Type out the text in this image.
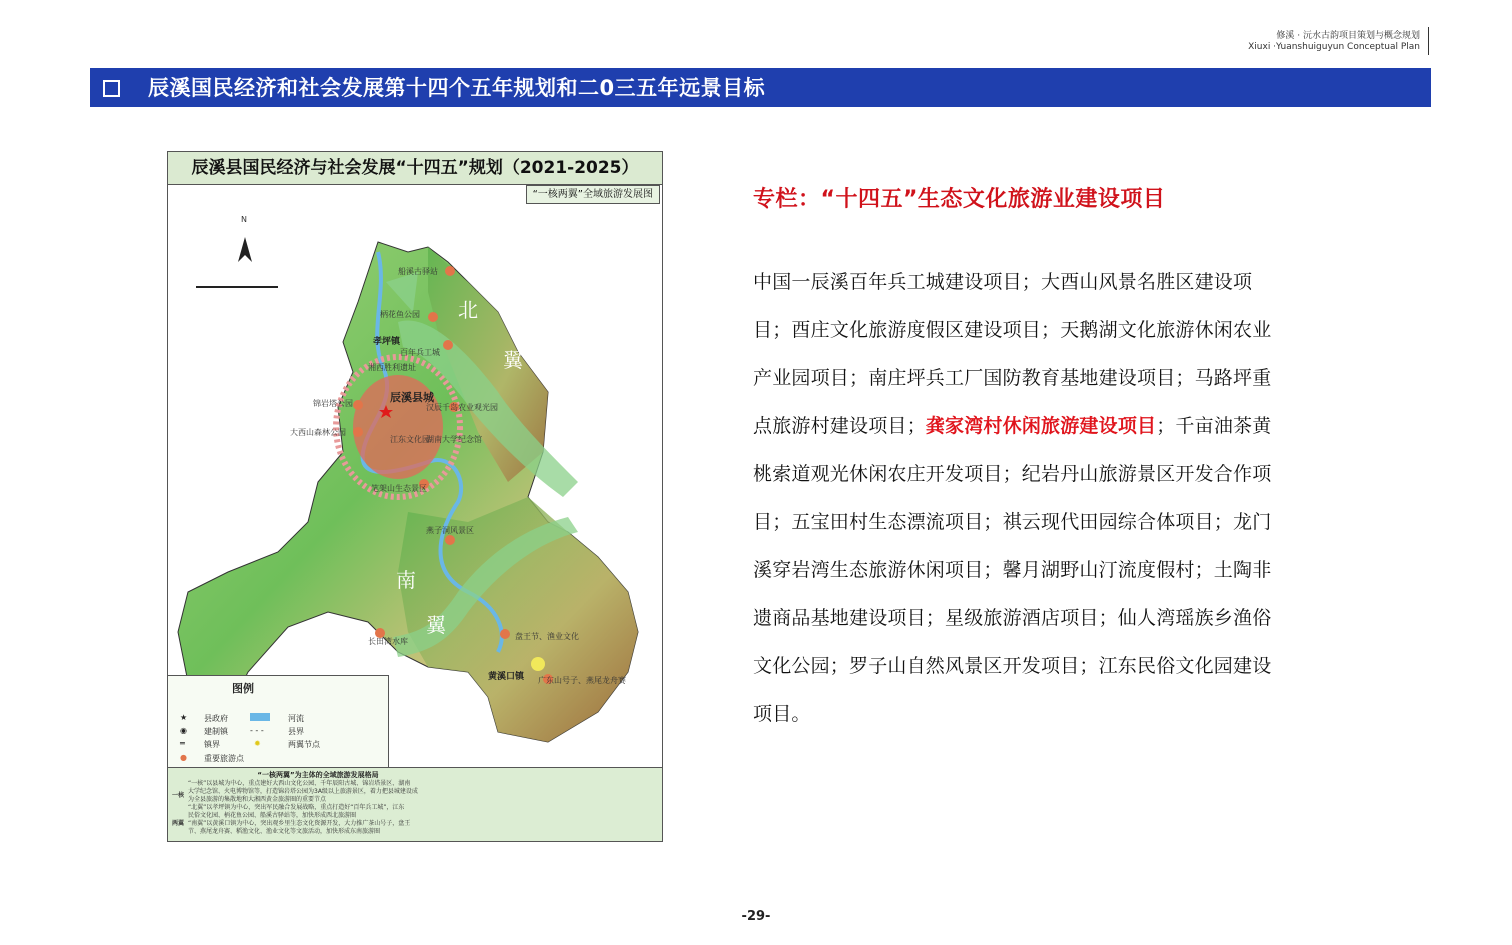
修溪 · 沅水古韵项目策划与概念规划
Xiuxi ·Yuanshuiguyun Conceptual Plan
辰溪国民经济和社会发展第十四个五年规划和二0三五年远景目标
N
北
翼
南
翼
辰溪县城
孝坪镇
黄溪口镇
船溪古驿站
柄花鱼公园
百年兵工城
湘西胜利遗址
锦岩塔公园
大西山森林公园
汉辰千岛农业观光园
江东文化园
湖南大学纪念馆
笔架山生态景区
燕子洞风景区
长田湾水库
盘王节、渔业文化
广东山号子、燕尾龙舟赛
辰溪县国民经济与社会发展“十四五”规划（2021-2025）
“一核两翼”全域旅游发展图
图例
★ 县政府
◉ 建制镇
═ 镇界
● 重要旅游点
河流
- - -	县界
✹	两翼节点
“一核两翼”为主体的全域旅游发展格局
一核
两翼
“一核”以县城为中心，重点建好大西山文化公园、千年辰阳古城、锦岩塔景区、湖南
大学纪念馆、火电博物馆等，打造锦岩塔公园为3A级以上旅游景区，着力把县城建设成
为全县旅游的集散地和大湘西黄金旅游圈的重要节点
“北翼”以孝坪镇为中心，突出军民融合发展战略，重点打造好“百年兵工城”，江东
民俗文化园、柄花鱼公园、船溪古驿站等，加快形成西北旅游圈
“南翼”以黄溪口镇为中心，突出观乡里生态文化资源开发，大力推广茶山号子，盘王
节、燕尾龙舟赛、稻渔文化、渔业文化等文旅活动，加快形成东南旅游圈
专栏：“十四五”生态文化旅游业建设项目
中国一辰溪百年兵工城建设项目；大酉山风景名胜区建设项目；酉庄文化旅游度假区建设项目；天鹅湖文化旅游休闲农业产业园项目；南庄坪兵工厂国防教育基地建设项目；马路坪重点旅游村建设项目；龚家湾村休闲旅游建设项目；千亩油茶黄桃索道观光休闲农庄开发项目；纪岩丹山旅游景区开发合作项目；五宝田村生态漂流项目；祺云现代田园综合体项目；龙门溪穿岩湾生态旅游休闲项目；馨月湖野山汀流度假村；土陶非遗商品基地建设项目；星级旅游酒店项目；仙人湾瑶族乡渔俗文化公园；罗子山自然风景区开发项目；江东民俗文化园建设项目。
-29-
